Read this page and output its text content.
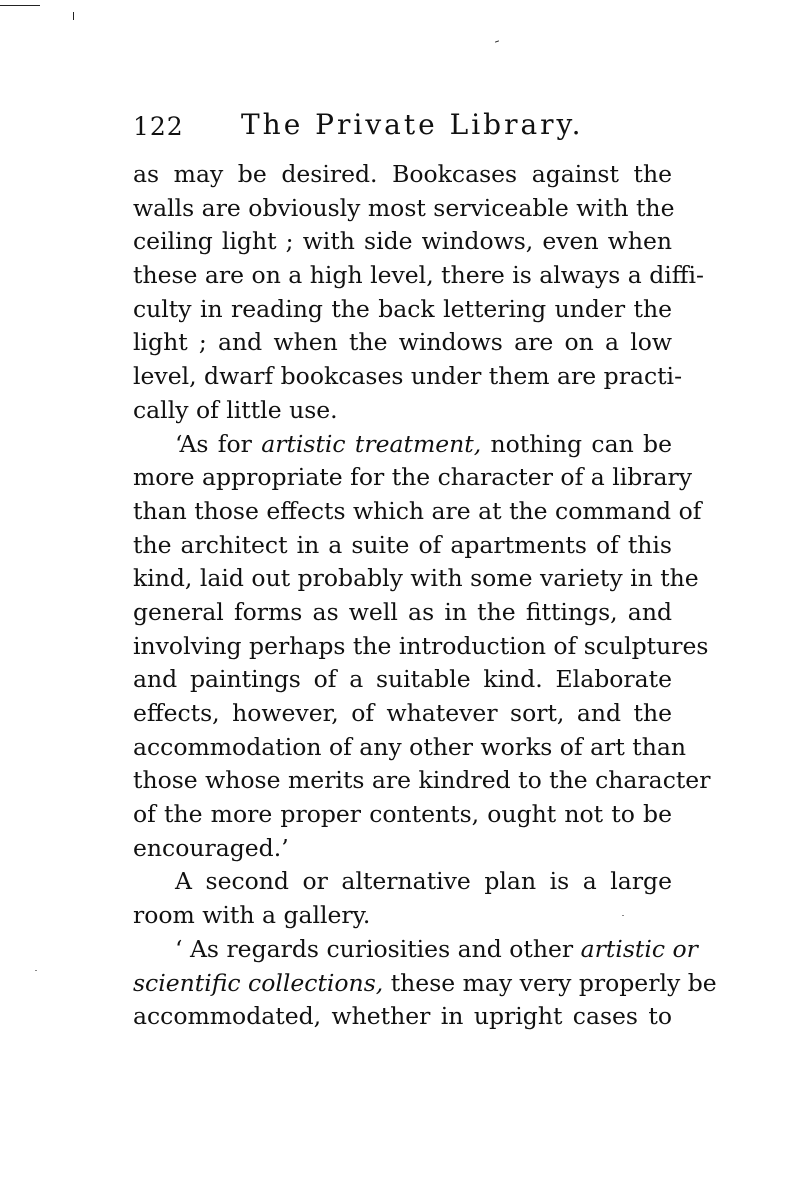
122 The Private Library.
as may be desired. Bookcases against the
walls are obviously most serviceable with the
ceiling light ; with side windows, even when
these are on a high level, there is always a diffi-
culty in reading the back lettering under the
light ; and when the windows are on a low
level, dwarf bookcases under them are practi-
cally of little use.
‘As for artistic treatment, nothing can be
more appropriate for the character of a library
than those effects which are at the command of
the architect in a suite of apartments of this
kind, laid out probably with some variety in the
general forms as well as in the fittings, and
involving perhaps the introduction of sculptures
and paintings of a suitable kind. Elaborate
effects, however, of whatever sort, and the
accommodation of any other works of art than
those whose merits are kindred to the character
of the more proper contents, ought not to be
encouraged.’
A second or alternative plan is a large
room with a gallery.
‘ As regards curiosities and other artistic or
scientific collections, these may very properly be
accommodated, whether in upright cases to
